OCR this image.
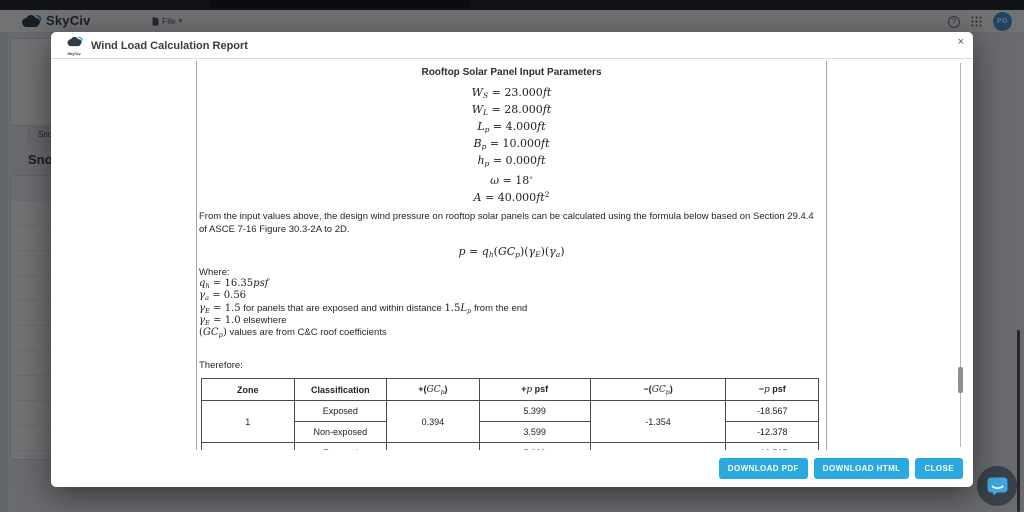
SkyCiv
Wind Load Calculation Report	×
Rooftop Solar Panel Input Parameters
$W_S = 23.000ft$
$W_L = 28.000ft$
$L_p = 4.000ft$
$B_p = 10.000ft$
$h_p = 0.000ft$
ω = 18∘
$A = 40.000ft^2$
From the input values above, the design wind pressure on rooftop solar panels can be calculated using the formula below based on Section 29.4.4 of ASCE 7-16 Figure 30.3-2A to 2D.
$p = q_h(GC_p)(\gamma_E)(\gamma_a)$
Where:
$q_h = 16.35psf$
$\gamma_a = 0.56$
$\gamma_E = 1.5$ for panels that are exposed and within distance $1.5L_p$ from the end
$\gamma_E = 1.0$ elsewhere
$(GC_p)$ values are from C&C roof coefficients
Therefore:
Zone	Classification	$+(GC_p)$	+p psf	$-(GC_p)$	−p psf
1	Exposed	0.394	5.399	-1.354	-18.567
	Non-exposed		3.599		-12.378

DOWNLOAD PDF	DOWNLOAD HTML	CLOSE
